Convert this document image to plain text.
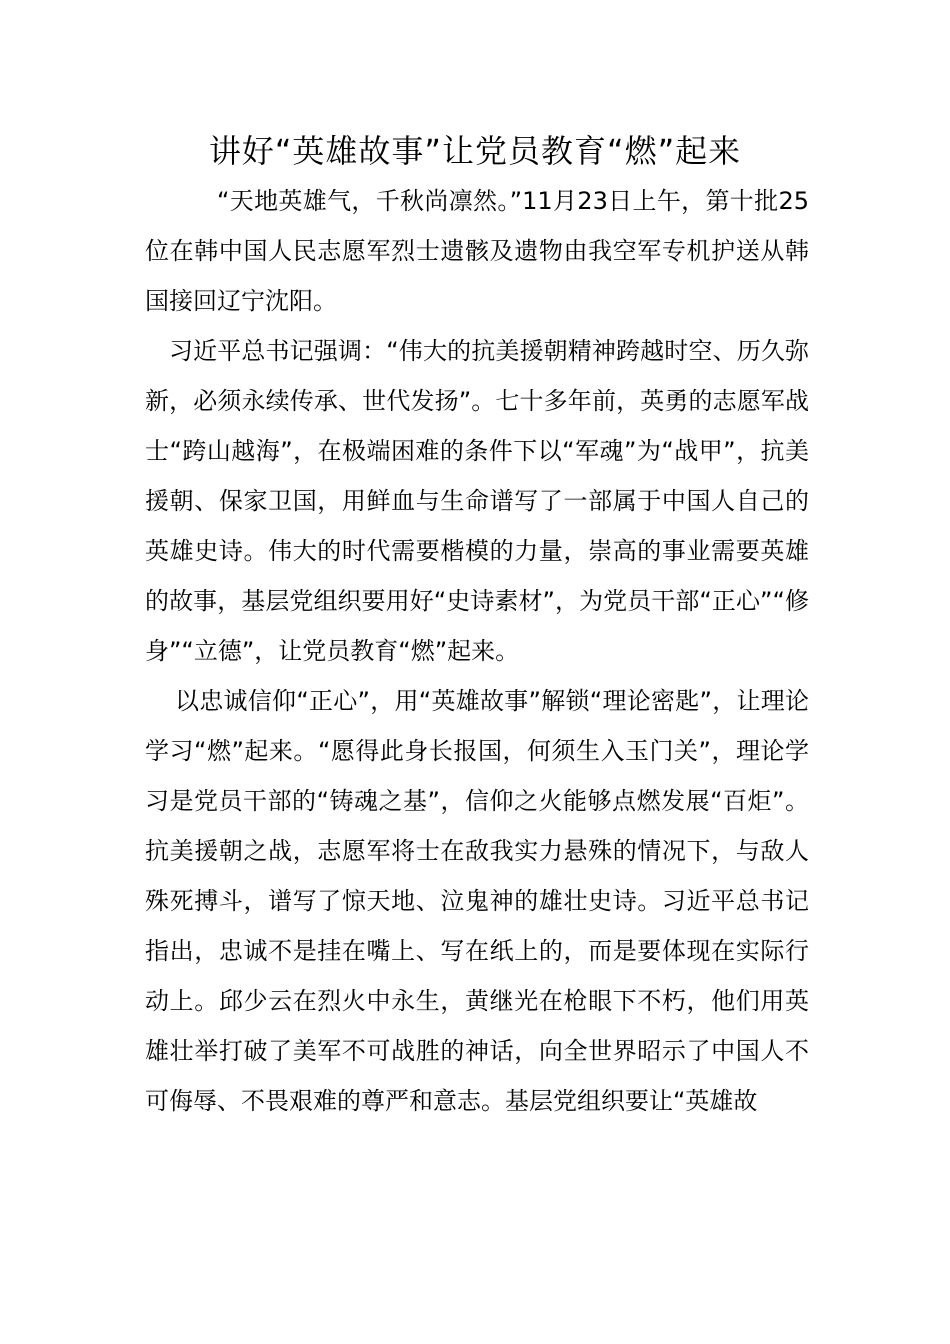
讲好“英雄故事”让党员教育“燃”起来

“天地英雄气，千秋尚凛然。”11月23日上午，第十批25位在韩中国人民志愿军烈士遗骸及遗物由我空军专机护送从韩国接回辽宁沈阳。

习近平总书记强调：“伟大的抗美援朝精神跨越时空、历久弥新，必须永续传承、世代发扬”。七十多年前，英勇的志愿军战士“跨山越海”，在极端困难的条件下以“军魂”为“战甲”，抗美援朝、保家卫国，用鲜血与生命谱写了一部属于中国人自己的英雄史诗。伟大的时代需要楷模的力量，崇高的事业需要英雄的故事，基层党组织要用好“史诗素材”，为党员干部“正心”“修身”“立德”，让党员教育“燃”起来。

以忠诚信仰“正心”，用“英雄故事”解锁“理论密匙”，让理论学习“燃”起来。“愿得此身长报国，何须生入玉门关”，理论学习是党员干部的“铸魂之基”，信仰之火能够点燃发展“百炬”。抗美援朝之战，志愿军将士在敌我实力悬殊的情况下，与敌人殊死搏斗，谱写了惊天地、泣鬼神的雄壮史诗。习近平总书记指出，忠诚不是挂在嘴上、写在纸上的，而是要体现在实际行动上。邱少云在烈火中永生，黄继光在枪眼下不朽，他们用英雄壮举打破了美军不可战胜的神话，向全世界昭示了中国人不可侮辱、不畏艰难的尊严和意志。基层党组织要让“英雄故
